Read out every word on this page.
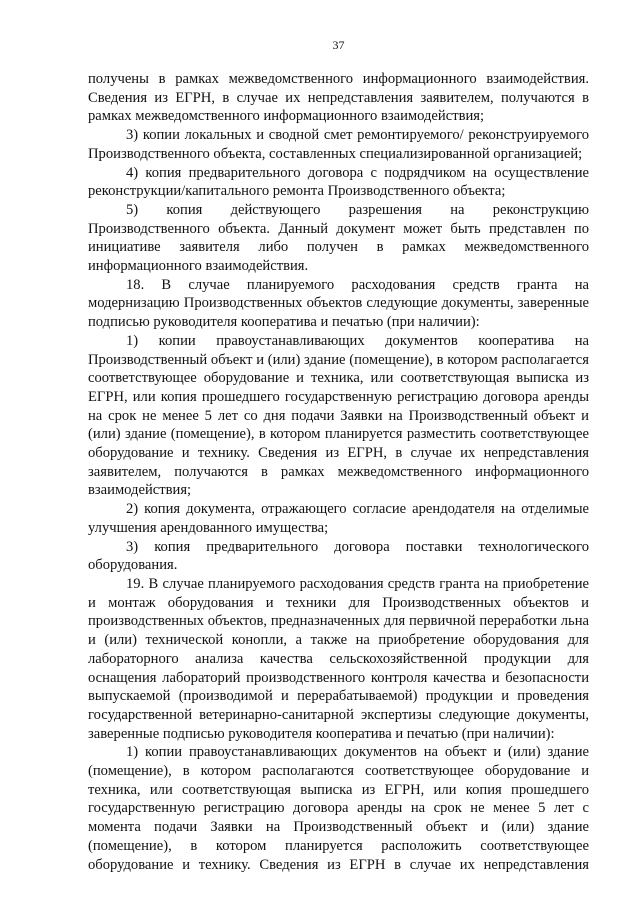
37

получены в рамках межведомственного информационного взаимодействия. Сведения из ЕГРН, в случае их непредставления заявителем, получаются в рамках межведомственного информационного взаимодействия;

3) копии локальных и сводной смет ремонтируемого/ реконструируемого Производственного объекта, составленных специализированной организацией;

4) копия предварительного договора с подрядчиком на осуществление реконструкции/капитального ремонта Производственного объекта;

5) копия действующего разрешения на реконструкцию Производственного объекта. Данный документ может быть представлен по инициативе заявителя либо получен в рамках межведомственного информационного взаимодействия.

18. В случае планируемого расходования средств гранта на модернизацию Производственных объектов следующие документы, заверенные подписью руководителя кооператива и печатью (при наличии):

1) копии правоустанавливающих документов кооператива на Производственный объект и (или) здание (помещение), в котором располагается соответствующее оборудование и техника, или соответствующая выписка из ЕГРН, или копия прошедшего государственную регистрацию договора аренды на срок не менее 5 лет со дня подачи Заявки на Производственный объект и (или) здание (помещение), в котором планируется разместить соответствующее оборудование и технику. Сведения из ЕГРН, в случае их непредставления заявителем, получаются в рамках межведомственного информационного взаимодействия;

2) копия документа, отражающего согласие арендодателя на отделимые улучшения арендованного имущества;

3) копия предварительного договора поставки технологического оборудования.

19. В случае планируемого расходования средств гранта на приобретение и монтаж оборудования и техники для Производственных объектов и производственных объектов, предназначенных для первичной переработки льна и (или) технической конопли, а также на приобретение оборудования для лабораторного анализа качества сельскохозяйственной продукции для оснащения лабораторий производственного контроля качества и безопасности выпускаемой (производимой и перерабатываемой) продукции и проведения государственной ветеринарно-санитарной экспертизы следующие документы, заверенные подписью руководителя кооператива и печатью (при наличии):

1) копии правоустанавливающих документов на объект и (или) здание (помещение), в котором располагаются соответствующее оборудование и техника, или соответствующая выписка из ЕГРН, или копия прошедшего государственную регистрацию договора аренды на срок не менее 5 лет с момента подачи Заявки на Производственный объект и (или) здание (помещение), в котором планируется расположить соответствующее оборудование и технику. Сведения из ЕГРН в случае их непредставления
